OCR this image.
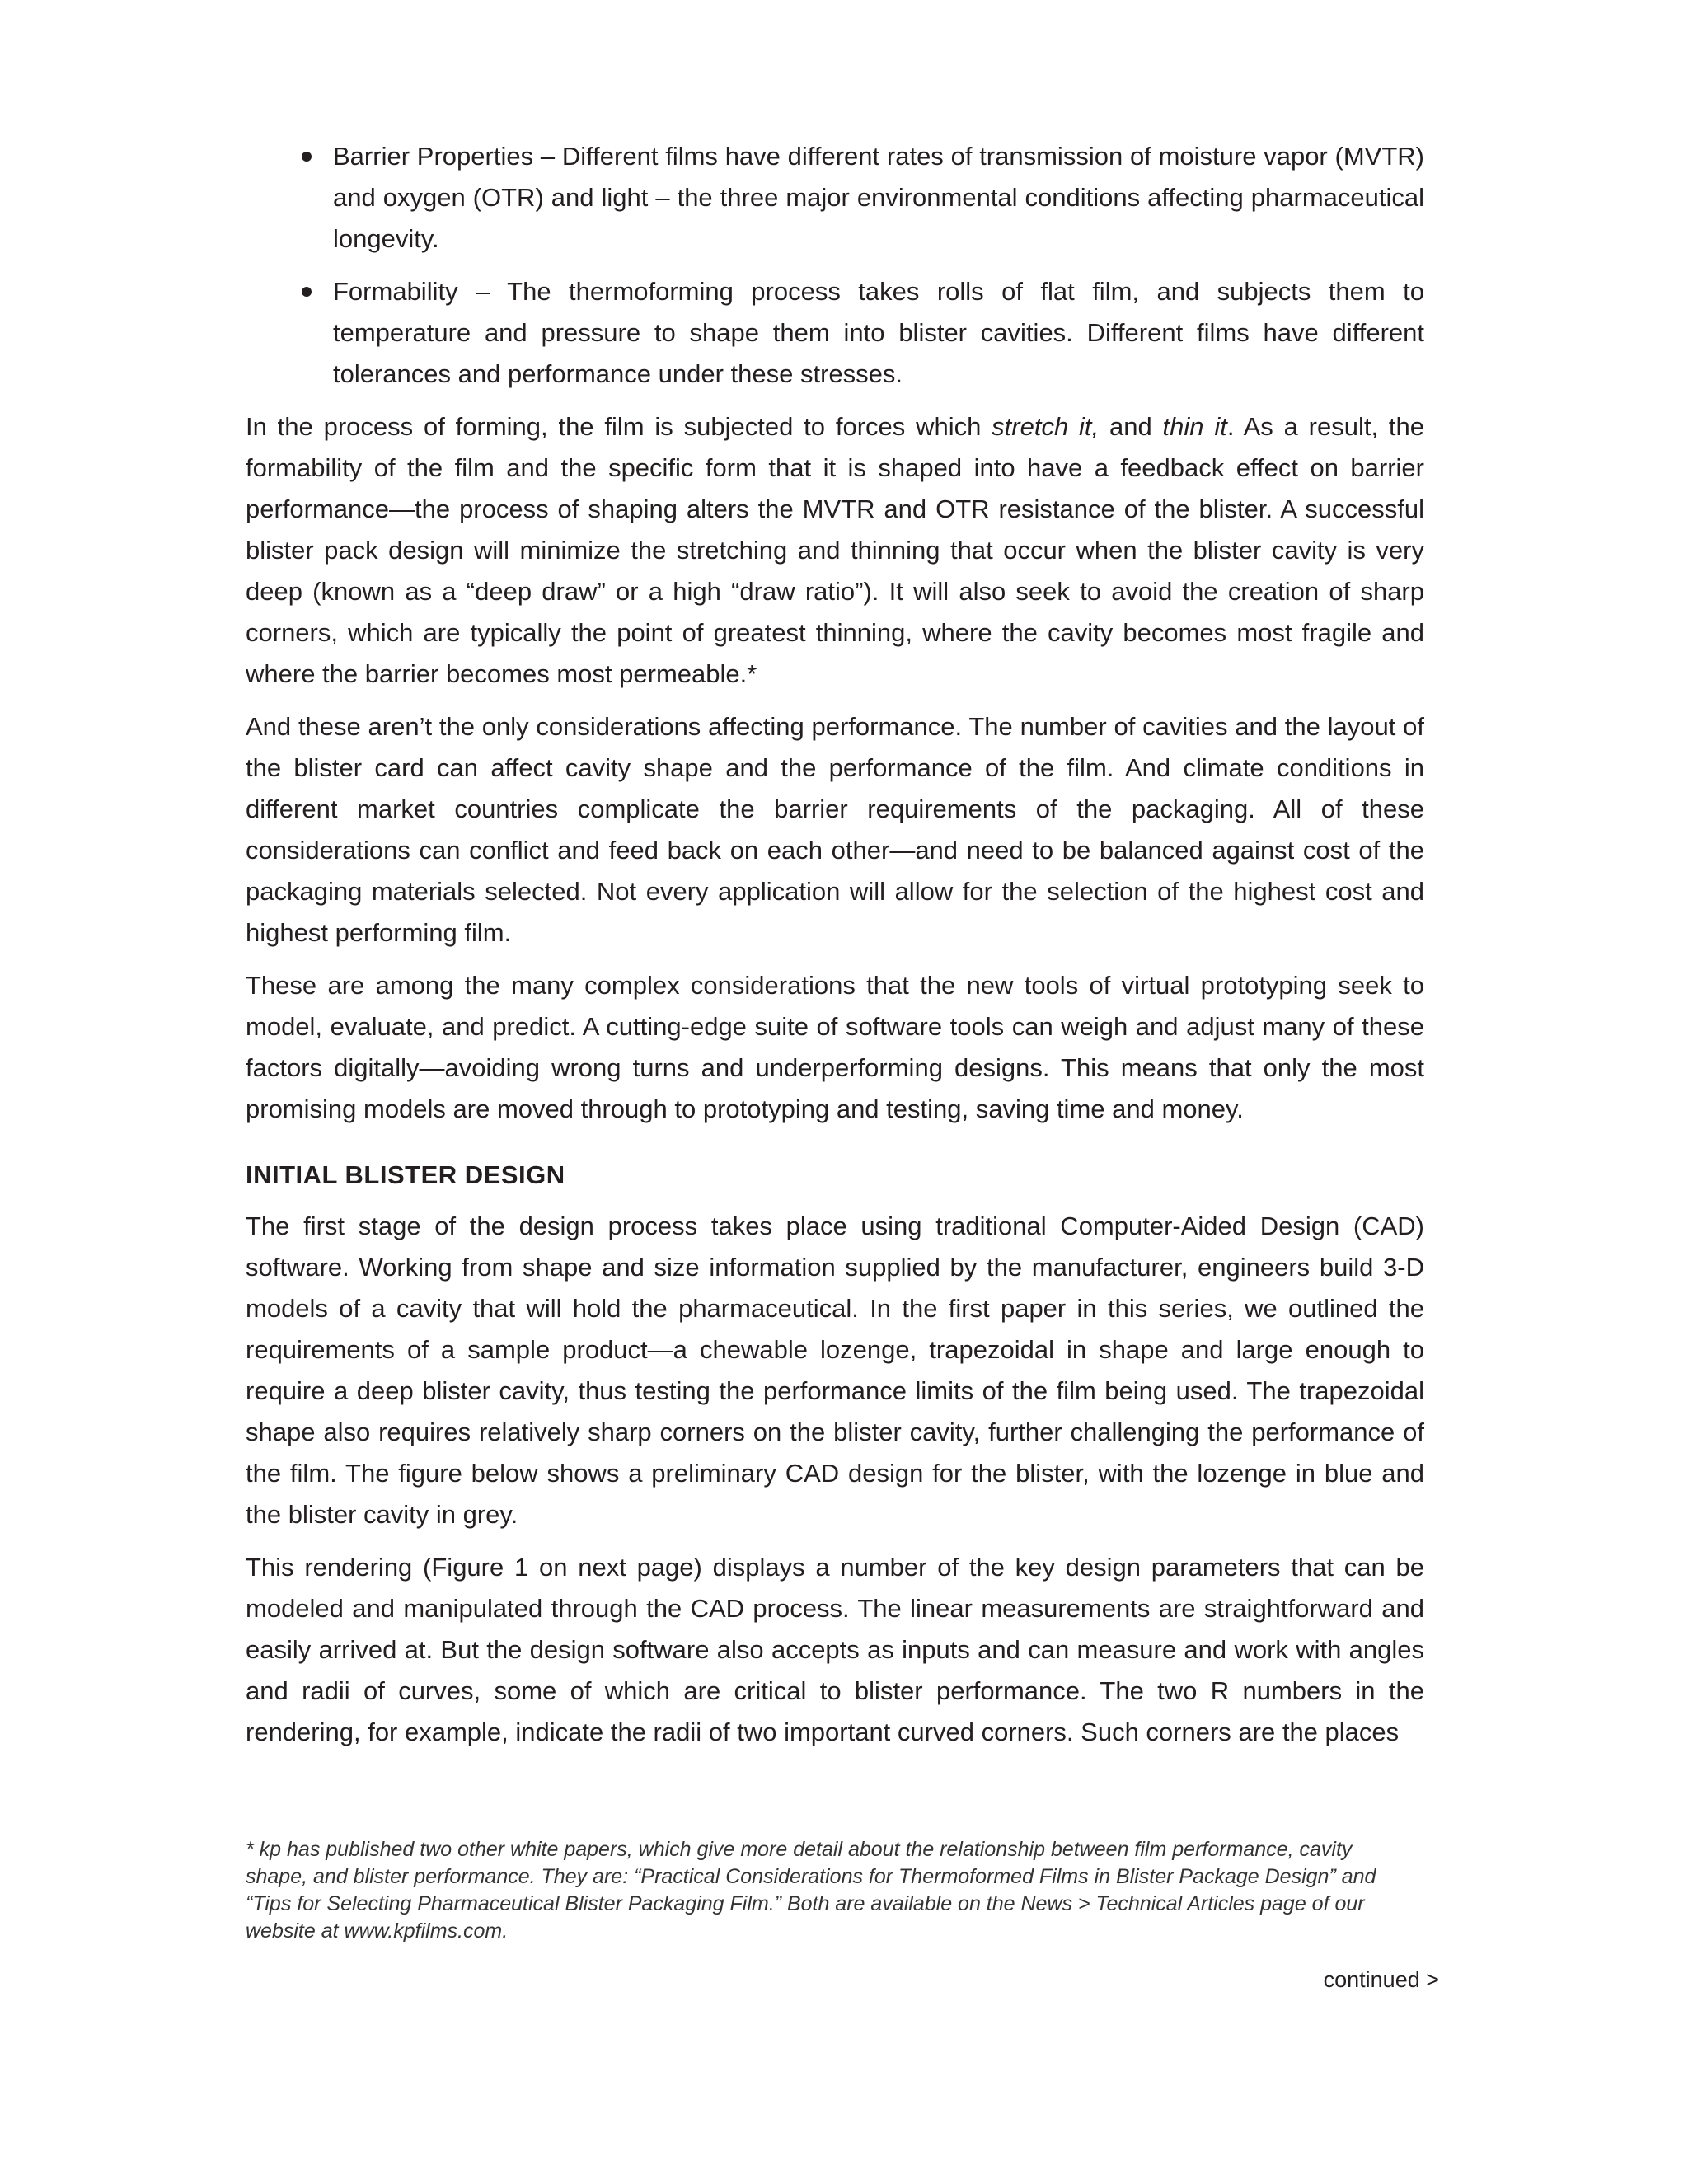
Barrier Properties – Different films have different rates of transmission of moisture vapor (MVTR) and oxygen (OTR) and light – the three major environmental conditions affecting pharmaceutical longevity.
Formability – The thermoforming process takes rolls of flat film, and subjects them to temperature and pressure to shape them into blister cavities. Different films have different tolerances and performance under these stresses.

In the process of forming, the film is subjected to forces which stretch it, and thin it. As a result, the formability of the film and the specific form that it is shaped into have a feedback effect on barrier performance—the process of shaping alters the MVTR and OTR resistance of the blister. A successful blister pack design will minimize the stretching and thinning that occur when the blister cavity is very deep (known as a “deep draw” or a high “draw ratio”). It will also seek to avoid the creation of sharp corners, which are typically the point of greatest thinning, where the cavity becomes most fragile and where the barrier becomes most permeable.*

And these aren’t the only considerations affecting performance. The number of cavities and the layout of the blister card can affect cavity shape and the performance of the film. And climate conditions in different market countries complicate the barrier requirements of the packaging. All of these considerations can conflict and feed back on each other—and need to be balanced against cost of the packaging materials selected. Not every application will allow for the selection of the highest cost and highest performing film.

These are among the many complex considerations that the new tools of virtual prototyping seek to model, evaluate, and predict. A cutting-edge suite of software tools can weigh and adjust many of these factors digitally—avoiding wrong turns and underperforming designs. This means that only the most promising models are moved through to prototyping and testing, saving time and money.

INITIAL BLISTER DESIGN

The first stage of the design process takes place using traditional Computer-Aided Design (CAD) software. Working from shape and size information supplied by the manufacturer, engineers build 3-D models of a cavity that will hold the pharmaceutical. In the first paper in this series, we outlined the requirements of a sample product—a chewable lozenge, trapezoidal in shape and large enough to require a deep blister cavity, thus testing the performance limits of the film being used. The trapezoidal shape also requires relatively sharp corners on the blister cavity, further challenging the performance of the film. The figure below shows a preliminary CAD design for the blister, with the lozenge in blue and the blister cavity in grey.

This rendering (Figure 1 on next page) displays a number of the key design parameters that can be modeled and manipulated through the CAD process. The linear measurements are straightforward and easily arrived at. But the design software also accepts as inputs and can measure and work with angles and radii of curves, some of which are critical to blister performance. The two R numbers in the rendering, for example, indicate the radii of two important curved corners. Such corners are the places

* kp has published two other white papers, which give more detail about the relationship between film performance, cavity shape, and blister performance. They are: “Practical Considerations for Thermoformed Films in Blister Package Design” and “Tips for Selecting Pharmaceutical Blister Packaging Film.” Both are available on the News > Technical Articles page of our website at www.kpfilms.com.

continued >
